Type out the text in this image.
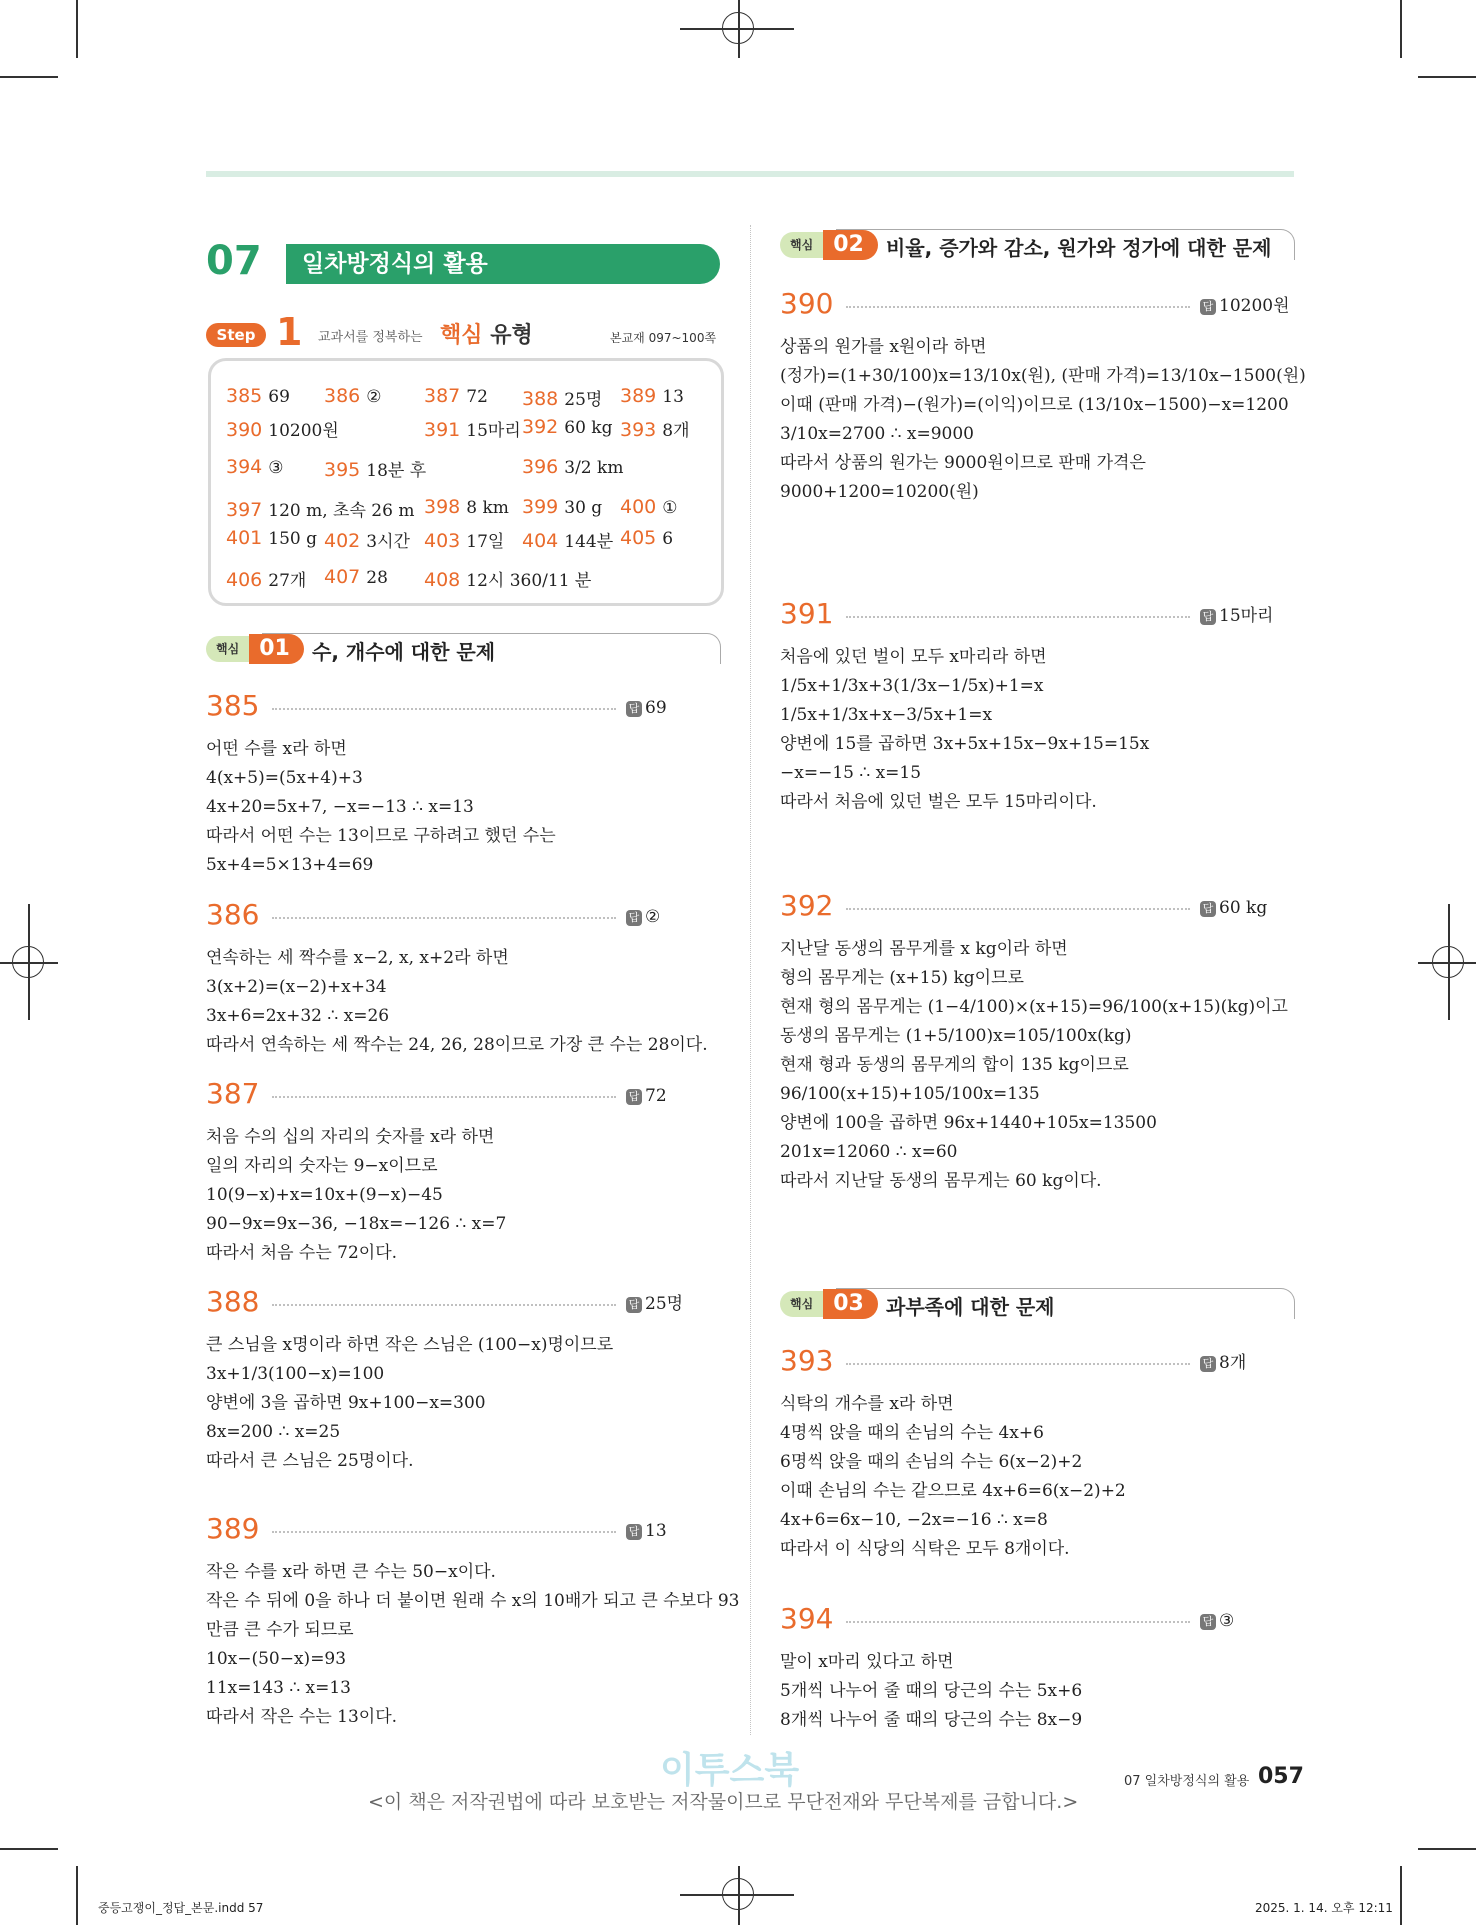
07	일차방정식의 활용
Step 1 교과서를 정복하는 핵심 유형	본교재 097~100쪽
385 69 386 ② 387 72 388 25명 389 13
390 10200원	391 15마리 392 60 kg 393 8개
394 ③ 395 18분 후	396 3/2 km
397 120 m, 초속 26 m 398 8 km 399 30 g 400 ①
401 150 g 402 3시간 403 17일 404 144분 405 6
406 27개 407 28 408 12시 360/11 분
핵심 01	수, 개수에 대한 문제
핵심 02	비율, 증가와 감소, 원가와 정가에 대한 문제
핵심 03	과부족에 대한 문제
385	답 69
어떤 수를 x라 하면
4(x+5)=(5x+4)+3
4x+20=5x+7, −x=−13 ∴ x=13
따라서 어떤 수는 13이므로 구하려고 했던 수는
5x+4=5×13+4=69
386	답 ②
연속하는 세 짝수를 x−2, x, x+2라 하면
3(x+2)=(x−2)+x+34
3x+6=2x+32 ∴ x=26
따라서 연속하는 세 짝수는 24, 26, 28이므로 가장 큰 수는 28이다.
387	답 72
처음 수의 십의 자리의 숫자를 x라 하면
일의 자리의 숫자는 9−x이므로
10(9−x)+x=10x+(9−x)−45
90−9x=9x−36, −18x=−126 ∴ x=7
따라서 처음 수는 72이다.
388	답 25명
큰 스님을 x명이라 하면 작은 스님은 (100−x)명이므로
3x+1/3(100−x)=100
양변에 3을 곱하면 9x+100−x=300
8x=200 ∴ x=25
따라서 큰 스님은 25명이다.
389	답 13
작은 수를 x라 하면 큰 수는 50−x이다.
작은 수 뒤에 0을 하나 더 붙이면 원래 수 x의 10배가 되고 큰 수보다 93
만큼 큰 수가 되므로
10x−(50−x)=93
11x=143 ∴ x=13
따라서 작은 수는 13이다.
390	답 10200원
상품의 원가를 x원이라 하면
(정가)=(1+30/100)x=13/10x(원), (판매 가격)=13/10x−1500(원)
이때 (판매 가격)−(원가)=(이익)이므로 (13/10x−1500)−x=1200
3/10x=2700 ∴ x=9000
따라서 상품의 원가는 9000원이므로 판매 가격은
9000+1200=10200(원)
391	답 15마리
처음에 있던 벌이 모두 x마리라 하면
1/5x+1/3x+3(1/3x−1/5x)+1=x
1/5x+1/3x+x−3/5x+1=x
양변에 15를 곱하면 3x+5x+15x−9x+15=15x
−x=−15 ∴ x=15
따라서 처음에 있던 벌은 모두 15마리이다.
392	답 60 kg
지난달 동생의 몸무게를 x kg이라 하면
형의 몸무게는 (x+15) kg이므로
현재 형의 몸무게는 (1−4/100)×(x+15)=96/100(x+15)(kg)이고
동생의 몸무게는 (1+5/100)x=105/100x(kg)
현재 형과 동생의 몸무게의 합이 135 kg이므로
96/100(x+15)+105/100x=135
양변에 100을 곱하면 96x+1440+105x=13500
201x=12060 ∴ x=60
따라서 지난달 동생의 몸무게는 60 kg이다.
393	답 8개
식탁의 개수를 x라 하면
4명씩 앉을 때의 손님의 수는 4x+6
6명씩 앉을 때의 손님의 수는 6(x−2)+2
이때 손님의 수는 같으므로 4x+6=6(x−2)+2
4x+6=6x−10, −2x=−16 ∴ x=8
따라서 이 식당의 식탁은 모두 8개이다.
394	답 ③
말이 x마리 있다고 하면
5개씩 나누어 줄 때의 당근의 수는 5x+6
8개씩 나누어 줄 때의 당근의 수는 8x−9
이투스북	07 일차방정식의 활용 057
<이 책은 저작권법에 따라 보호받는 저작물이므로 무단전재와 무단복제를 금합니다.>
중등고쟁이_정답_본문.indd 57	2025. 1. 14. 오후 12:11
